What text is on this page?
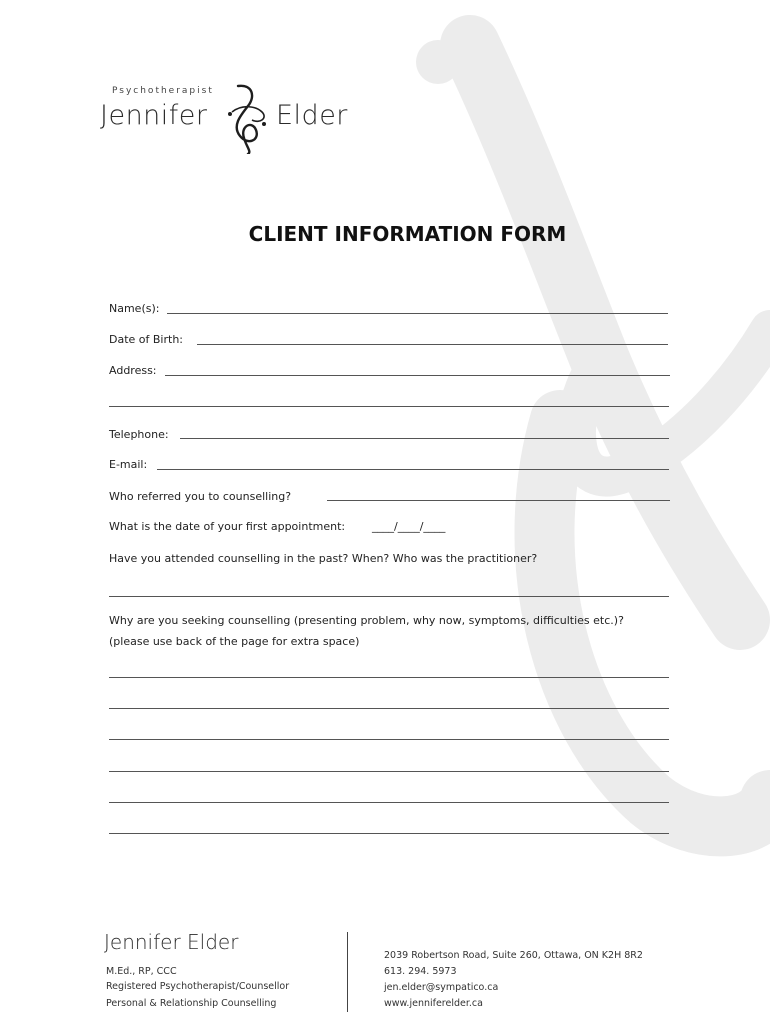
Psychotherapist
Jennifer	Elder
CLIENT INFORMATION FORM
Name(s):
Date of Birth:
Address:
Telephone:
E-mail:
Who referred you to counselling?
What is the date of your first appointment: ____/____/____
Have you attended counselling in the past? When? Who was the practitioner?
Why are you seeking counselling (presenting problem, why now, symptoms, difficulties etc.)?
(please use back of the page for extra space)
Jennifer Elder
M.Ed., RP, CCC
Registered Psychotherapist/Counsellor
Personal & Relationship Counselling
2039 Robertson Road, Suite 260, Ottawa, ON K2H 8R2
613. 294. 5973
jen.elder@sympatico.ca
www.jenniferelder.ca
